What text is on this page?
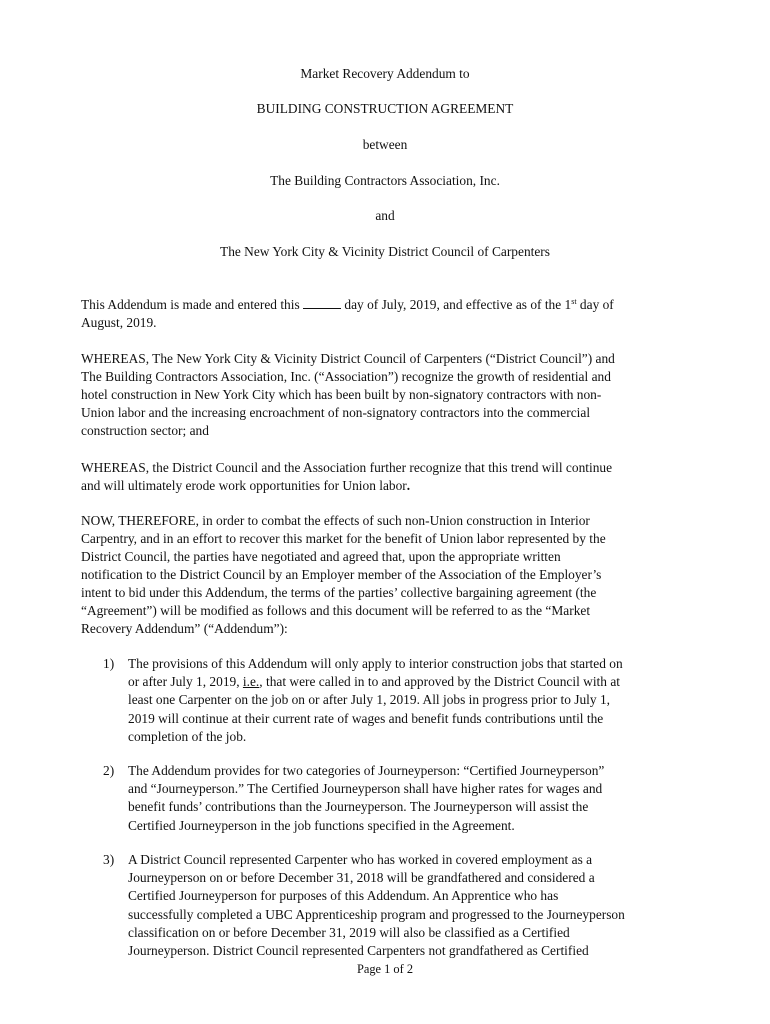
Market Recovery Addendum to
BUILDING CONSTRUCTION AGREEMENT
between
The Building Contractors Association, Inc.
and
The New York City & Vicinity District Council of Carpenters
This Addendum is made and entered this	day of July, 2019, and effective as of the 1st day of
August, 2019.
WHEREAS, The New York City & Vicinity District Council of Carpenters (“District Council”) and
The Building Contractors Association, Inc. (“Association”) recognize the growth of residential and
hotel construction in New York City which has been built by non-signatory contractors with non-
Union labor and the increasing encroachment of non-signatory contractors into the commercial
construction sector; and
WHEREAS, the District Council and the Association further recognize that this trend will continue
and will ultimately erode work opportunities for Union labor.
NOW, THEREFORE, in order to combat the effects of such non-Union construction in Interior
Carpentry, and in an effort to recover this market for the benefit of Union labor represented by the
District Council, the parties have negotiated and agreed that, upon the appropriate written
notification to the District Council by an Employer member of the Association of the Employer’s
intent to bid under this Addendum, the terms of the parties’ collective bargaining agreement (the
“Agreement”) will be modified as follows and this document will be referred to as the “Market
Recovery Addendum” (“Addendum”):
1) The provisions of this Addendum will only apply to interior construction jobs that started on
or after July 1, 2019, i.e., that were called in to and approved by the District Council with at
least one Carpenter on the job on or after July 1, 2019. All jobs in progress prior to July 1,
2019 will continue at their current rate of wages and benefit funds contributions until the
completion of the job.
2) The Addendum provides for two categories of Journeyperson: “Certified Journeyperson”
and “Journeyperson.” The Certified Journeyperson shall have higher rates for wages and
benefit funds’ contributions than the Journeyperson. The Journeyperson will assist the
Certified Journeyperson in the job functions specified in the Agreement.
3) A District Council represented Carpenter who has worked in covered employment as a
Journeyperson on or before December 31, 2018 will be grandfathered and considered a
Certified Journeyperson for purposes of this Addendum. An Apprentice who has
successfully completed a UBC Apprenticeship program and progressed to the Journeyperson
classification on or before December 31, 2019 will also be classified as a Certified
Journeyperson. District Council represented Carpenters not grandfathered as Certified
Page 1 of 2
